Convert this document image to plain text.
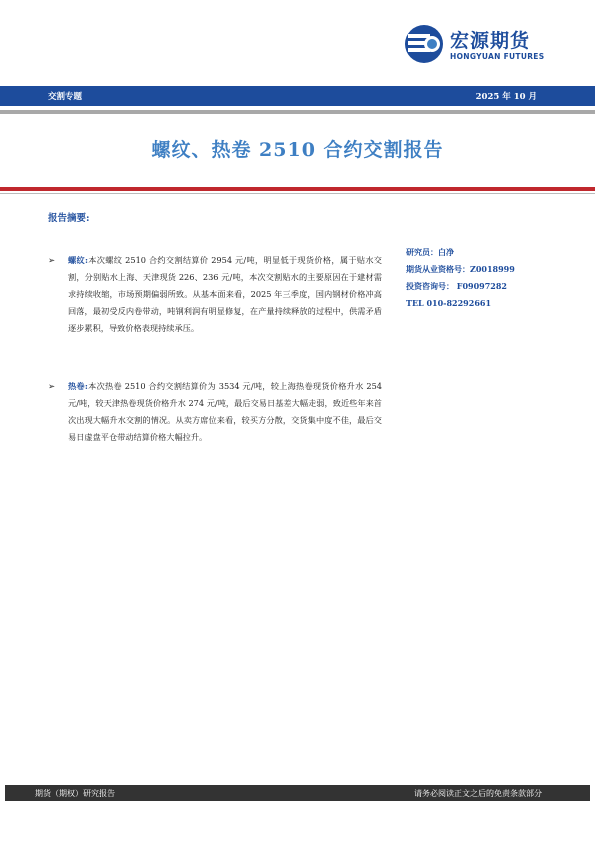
宏源期货
HONGYUAN FUTURES
交割专题	2025 年 10 月
螺纹、热卷 2510 合约交割报告
报告摘要:
➢ 螺纹:本次螺纹 2510 合约交割结算价 2954 元/吨，明显低于现货价格，属于贴水交割，分别贴水上海、天津现货 226、236 元/吨，本次交割贴水的主要原因在于建材需求持续收缩，市场预期偏弱所致。从基本面来看，2025 年三季度，国内钢材价格冲高回落，最初受反内卷带动，吨钢利润有明显修复，在产量持续释放的过程中，供需矛盾逐步累积，导致价格表现持续承压。
➢ 热卷:本次热卷 2510 合约交割结算价为 3534 元/吨，较上海热卷现货价格升水 254 元/吨，较天津热卷现货价格升水 274 元/吨，最后交易日基差大幅走弱，致近些年来首次出现大幅升水交割的情况。从卖方席位来看，较买方分散，交货集中度不佳，最后交易日虚盘平仓带动结算价格大幅拉升。
研究员：白净
期货从业资格号：Z0018999
投资咨询号： F09097282
TEL 010-82292661
期货（期权）研究报告	请务必阅读正文之后的免责条款部分
